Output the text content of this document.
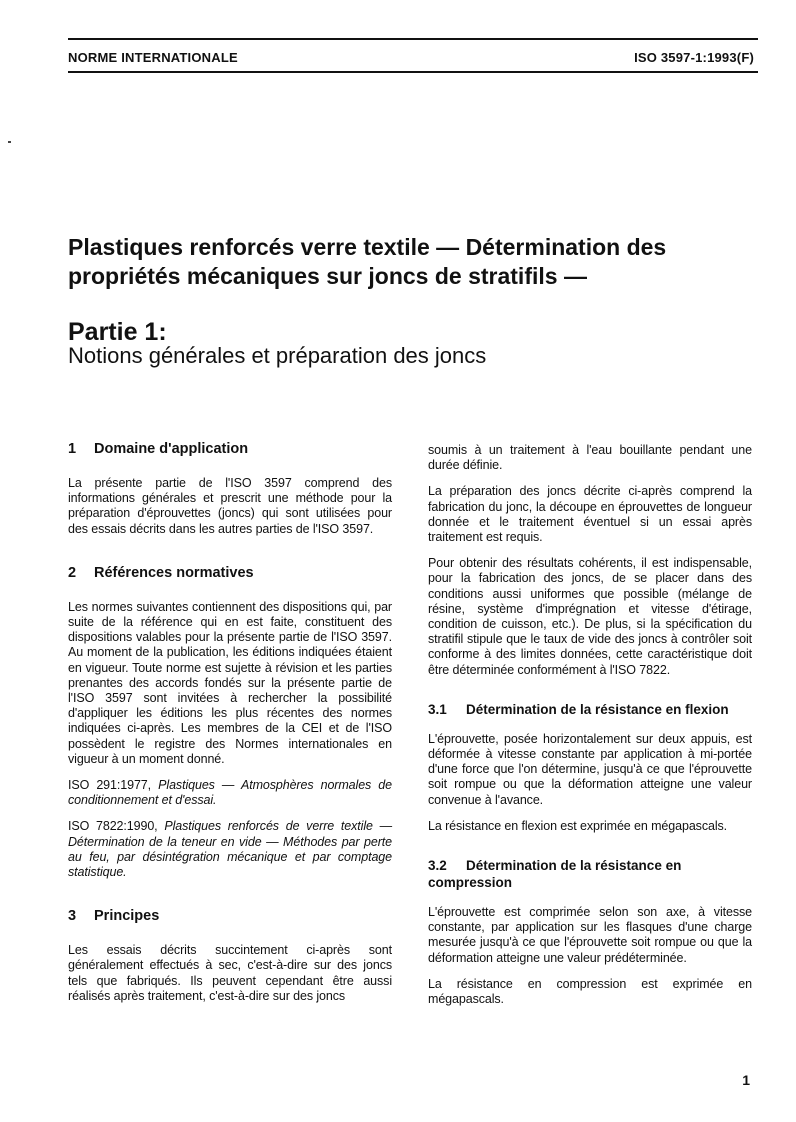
NORME INTERNATIONALE	ISO 3597-1:1993(F)
Plastiques renforcés verre textile — Détermination des
propriétés mécaniques sur joncs de stratifils —
Partie 1:
Notions générales et préparation des joncs
1 Domaine d'application

La présente partie de l'ISO 3597 comprend des informations générales et prescrit une méthode pour la préparation d'éprouvettes (joncs) qui sont utilisées pour des essais décrits dans les autres parties de l'ISO 3597.

2 Références normatives

Les normes suivantes contiennent des dispositions qui, par suite de la référence qui en est faite, constituent des dispositions valables pour la présente partie de l'ISO 3597. Au moment de la publication, les éditions indiquées étaient en vigueur. Toute norme est sujette à révision et les parties prenantes des accords fondés sur la présente partie de l'ISO 3597 sont invitées à rechercher la possibilité d'appliquer les éditions les plus récentes des normes indiquées ci-après. Les membres de la CEI et de l'ISO possèdent le registre des Normes internationales en vigueur à un moment donné.

ISO 291:1977, Plastiques — Atmosphères normales de conditionnement et d'essai.

ISO 7822:1990, Plastiques renforcés de verre textile — Détermination de la teneur en vide — Méthodes par perte au feu, par désintégration mécanique et par comptage statistique.

3 Principes

Les essais décrits succintement ci-après sont généralement effectués à sec, c'est-à-dire sur des joncs tels que fabriqués. Ils peuvent cependant être aussi réalisés après traitement, c'est-à-dire sur des joncs

soumis à un traitement à l'eau bouillante pendant une durée définie.

La préparation des joncs décrite ci-après comprend la fabrication du jonc, la découpe en éprouvettes de longueur donnée et le traitement éventuel si un essai après traitement est requis.

Pour obtenir des résultats cohérents, il est indispensable, pour la fabrication des joncs, de se placer dans des conditions aussi uniformes que possible (mélange de résine, système d'imprégnation et vitesse d'étirage, condition de cuisson, etc.). De plus, si la spécification du stratifil stipule que le taux de vide des joncs à contrôler soit conforme à des limites données, cette caractéristique doit être déterminée conformément à l'ISO 7822.

3.1 Détermination de la résistance en flexion

L'éprouvette, posée horizontalement sur deux appuis, est déformée à vitesse constante par application à mi-portée d'une force que l'on détermine, jusqu'à ce que l'éprouvette soit rompue ou que la déformation atteigne une valeur convenue à l'avance.

La résistance en flexion est exprimée en mégapascals.

3.2 Détermination de la résistance en
compression

L'éprouvette est comprimée selon son axe, à vitesse constante, par application sur les flasques d'une charge mesurée jusqu'à ce que l'éprouvette soit rompue ou que la déformation atteigne une valeur prédéterminée.

La résistance en compression est exprimée en mégapascals.

1
